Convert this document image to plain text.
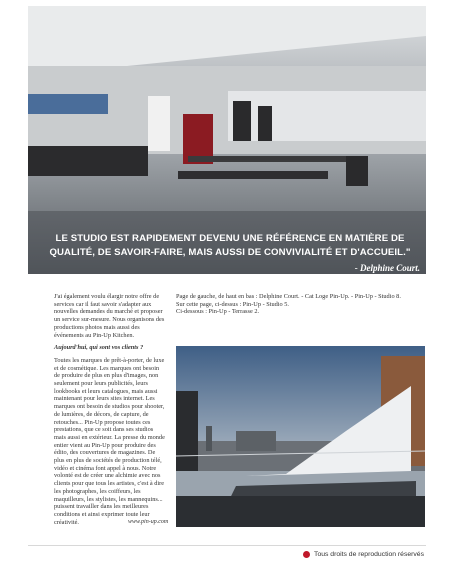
LE STUDIO EST RAPIDEMENT DEVENU UNE RÉFÉRENCE EN MATIÈRE DE QUALITÉ, DE SAVOIR-FAIRE, MAIS AUSSI DE CONVIVIALITÉ ET D'ACCUEIL."
- Delphine Court.

J'ai également voulu élargir notre offre de services car il faut savoir s'adapter aux nouvelles demandes du marché et proposer un service sur-mesure. Nous organisons des productions photos mais aussi des événements au Pin-Up Kitchen.

Aujourd'hui, qui sont vos clients ?

Toutes les marques de prêt-à-porter, de luxe et de cosmétique. Les marques ont besoin de produire de plus en plus d'images, non seulement pour leurs publicités, leurs lookbooks et leurs catalogues, mais aussi maintenant pour leurs sites internet. Les marques ont besoin de studios pour shooter, de lumières, de décors, de capture, de retouches... Pin-Up propose toutes ces prestations, que ce soit dans ses studios mais aussi en extérieur. La presse du monde entier vient au Pin-Up pour produire des édito, des couvertures de magazines. De plus en plus de sociétés de production télé, vidéo et cinéma font appel à nous. Notre volonté est de créer une alchimie avec nos clients pour que tous les artistes, c'est à dire les photographes, les coiffeurs, les maquilleurs, les stylistes, les mannequins... puissent travailler dans les meilleures conditions et ainsi exprimer toute leur créativité.	www.pin-up.com

Page de gauche, de haut en bas : Delphine Court. - Cat Loge Pin-Up. - Pin-Up - Studio 8.

Sur cette page, ci-dessus : Pin-Up - Studio 5.

Ci-dessous : Pin-Up - Terrasse 2.

Tous droits de reproduction réservés
